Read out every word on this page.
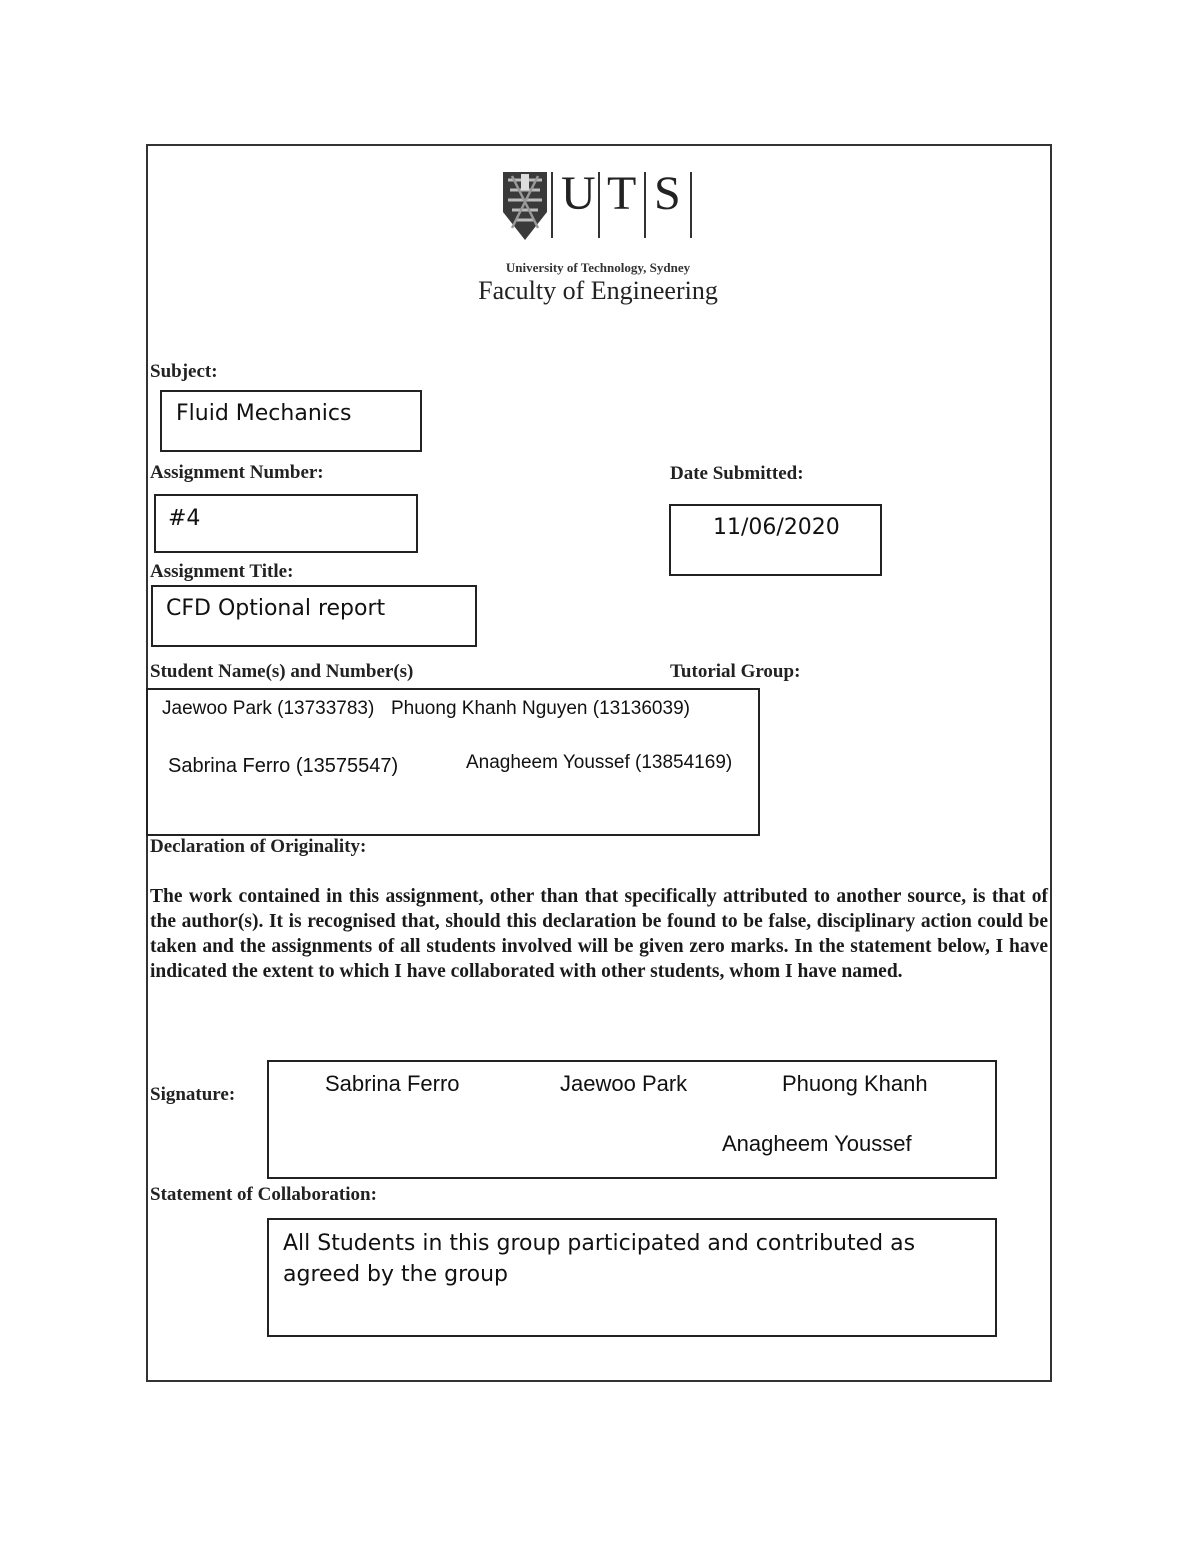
U T S
University of Technology, Sydney
Faculty of Engineering
Subject:
Fluid Mechanics
Assignment Number:
#4
Date Submitted:
11/06/2020
Assignment Title:
CFD Optional report
Student Name(s) and Number(s)	Tutorial Group:
Jaewoo Park (13733783) Phuong Khanh Nguyen (13136039)
Sabrina Ferro (13575547)	Anagheem Youssef (13854169)
Declaration of Originality:
The work contained in this assignment, other than that specifically attributed to another source, is that of the author(s). It is recognised that, should this declaration be found to be false, disciplinary action could be taken and the assignments of all students involved will be given zero marks. In the statement below, I have indicated the extent to which I have collaborated with other students, whom I have named.
Signature:	Sabrina Ferro	Jaewoo Park	Phuong Khanh
Anagheem Youssef
Statement of Collaboration:
All Students in this group participated and contributed as agreed by the group
